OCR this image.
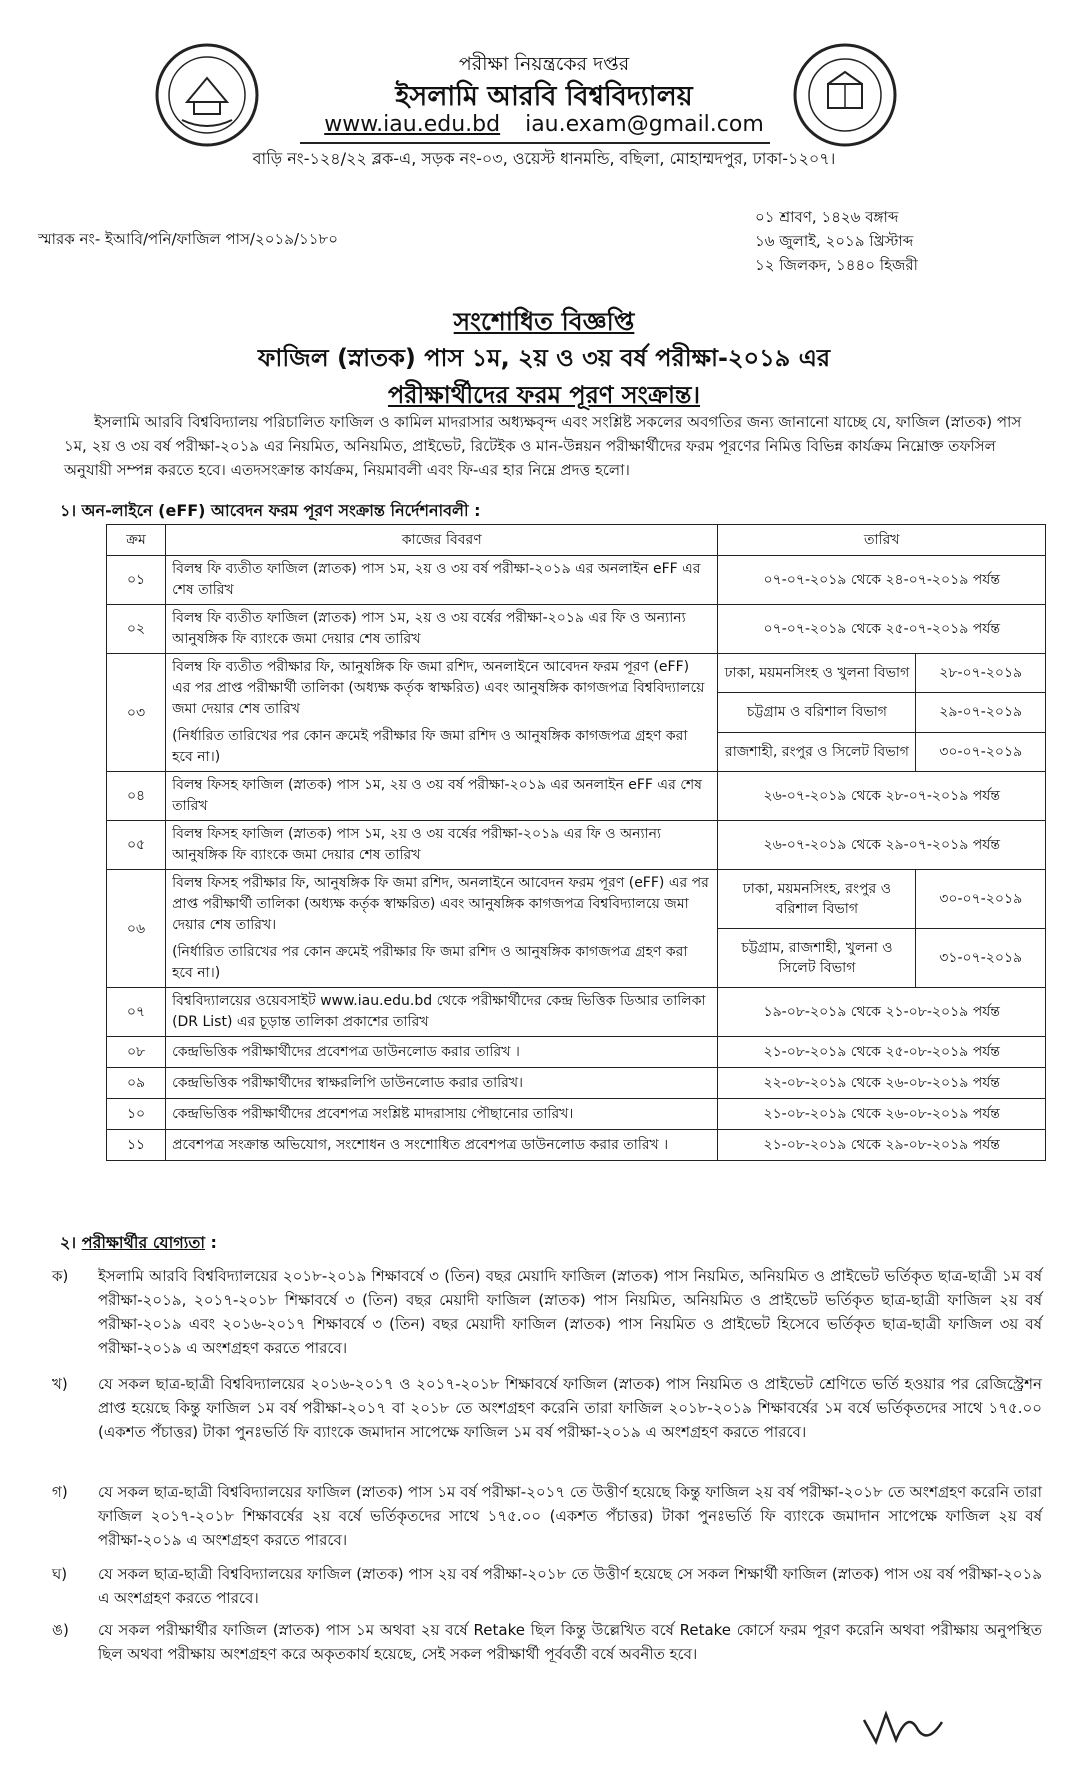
পরীক্ষা নিয়ন্ত্রকের দপ্তর
ইসলামি আরবি বিশ্ববিদ্যালয়
www.iau.edu.bd iau.exam@gmail.com
বাড়ি নং-১২৪/২২ ব্লক-এ, সড়ক নং-০৩, ওয়েস্ট ধানমন্ডি, বছিলা, মোহাম্মদপুর, ঢাকা-১২০৭।
স্মারক নং- ইআবি/পনি/ফাজিল পাস/২০১৯/১১৮০
০১ শ্রাবণ, ১৪২৬ বঙ্গাব্দ
১৬ জুলাই, ২০১৯ খ্রিস্টাব্দ
১২ জিলকদ, ১৪৪০ হিজরী
সংশোধিত বিজ্ঞপ্তি
ফাজিল (স্নাতক) পাস ১ম, ২য় ও ৩য় বর্ষ পরীক্ষা-২০১৯ এর
পরীক্ষার্থীদের ফরম পূরণ সংক্রান্ত।
ইসলামি আরবি বিশ্ববিদ্যালয় পরিচালিত ফাজিল ও কামিল মাদরাসার অধ্যক্ষবৃন্দ এবং সংশ্লিষ্ট সকলের অবগতির জন্য জানানো যাচ্ছে যে, ফাজিল (স্নাতক) পাস ১ম, ২য় ও ৩য় বর্ষ পরীক্ষা-২০১৯ এর নিয়মিত, অনিয়মিত, প্রাইভেট, রিটেইক ও মান-উন্নয়ন পরীক্ষার্থীদের ফরম পূরণের নিমিত্ত বিভিন্ন কার্যক্রম নিম্নোক্ত তফসিল অনুযায়ী সম্পন্ন করতে হবে। এতদসংক্রান্ত কার্যক্রম, নিয়মাবলী এবং ফি-এর হার নিম্নে প্রদত্ত হলো।
১। অন-লাইনে (eFF) আবেদন ফরম পূরণ সংক্রান্ত নির্দেশনাবলী :
ক্রম	কাজের বিবরণ	তারিখ	
০১	বিলম্ব ফি ব্যতীত ফাজিল (স্নাতক) পাস ১ম, ২য় ও ৩য় বর্ষ পরীক্ষা-২০১৯ এর অনলাইন eFF এর শেষ তারিখ	০৭-০৭-২০১৯ থেকে ২৪-০৭-২০১৯ পর্যন্ত	
০২	বিলম্ব ফি ব্যতীত ফাজিল (স্নাতক) পাস ১ম, ২য় ও ৩য় বর্ষের পরীক্ষা-২০১৯ এর ফি ও অন্যান্য আনুষঙ্গিক ফি ব্যাংকে জমা দেয়ার শেষ তারিখ	০৭-০৭-২০১৯ থেকে ২৫-০৭-২০১৯ পর্যন্ত	
০৩	বিলম্ব ফি ব্যতীত পরীক্ষার ফি, আনুষঙ্গিক ফি জমা রশিদ, অনলাইনে আবেদন ফরম পূরণ (eFF) এর পর প্রাপ্ত পরীক্ষার্থী তালিকা (অধ্যক্ষ কর্তৃক স্বাক্ষরিত) এবং আনুষঙ্গিক কাগজপত্র বিশ্ববিদ্যালয়ে জমা দেয়ার শেষ তারিখ
(নির্ধারিত তারিখের পর কোন ক্রমেই পরীক্ষার ফি জমা রশিদ ও আনুষঙ্গিক কাগজপত্র গ্রহণ করা হবে না।)	ঢাকা, ময়মনসিংহ ও খুলনা বিভাগ	২৮-০৭-২০১৯
		চট্টগ্রাম ও বরিশাল বিভাগ	২৯-০৭-২০১৯
		রাজশাহী, রংপুর ও সিলেট বিভাগ	৩০-০৭-২০১৯
০৪	বিলম্ব ফিসহ ফাজিল (স্নাতক) পাস ১ম, ২য় ও ৩য় বর্ষ পরীক্ষা-২০১৯ এর অনলাইন eFF এর শেষ তারিখ	২৬-০৭-২০১৯ থেকে ২৮-০৭-২০১৯ পর্যন্ত	
০৫	বিলম্ব ফিসহ ফাজিল (স্নাতক) পাস ১ম, ২য় ও ৩য় বর্ষের পরীক্ষা-২০১৯ এর ফি ও অন্যান্য আনুষঙ্গিক ফি ব্যাংকে জমা দেয়ার শেষ তারিখ	২৬-০৭-২০১৯ থেকে ২৯-০৭-২০১৯ পর্যন্ত	
০৬	বিলম্ব ফিসহ পরীক্ষার ফি, আনুষঙ্গিক ফি জমা রশিদ, অনলাইনে আবেদন ফরম পূরণ (eFF) এর পর প্রাপ্ত পরীক্ষার্থী তালিকা (অধ্যক্ষ কর্তৃক স্বাক্ষরিত) এবং আনুষঙ্গিক কাগজপত্র বিশ্ববিদ্যালয়ে জমা দেয়ার শেষ তারিখ।
(নির্ধারিত তারিখের পর কোন ক্রমেই পরীক্ষার ফি জমা রশিদ ও আনুষঙ্গিক কাগজপত্র গ্রহণ করা হবে না।)	ঢাকা, ময়মনসিংহ, রংপুর ও বরিশাল বিভাগ	৩০-০৭-২০১৯
		চট্টগ্রাম, রাজশাহী, খুলনা ও সিলেট বিভাগ	৩১-০৭-২০১৯
০৭	বিশ্ববিদ্যালয়ের ওয়েবসাইট www.iau.edu.bd থেকে পরীক্ষার্থীদের কেন্দ্র ভিত্তিক ডিআর তালিকা (DR List) এর চূড়ান্ত তালিকা প্রকাশের তারিখ	১৯-০৮-২০১৯ থেকে ২১-০৮-২০১৯ পর্যন্ত	
০৮	কেন্দ্রভিত্তিক পরীক্ষার্থীদের প্রবেশপত্র ডাউনলোড করার তারিখ ।	২১-০৮-২০১৯ থেকে ২৫-০৮-২০১৯ পর্যন্ত	
০৯	কেন্দ্রভিত্তিক পরীক্ষার্থীদের স্বাক্ষরলিপি ডাউনলোড করার তারিখ।	২২-০৮-২০১৯ থেকে ২৬-০৮-২০১৯ পর্যন্ত	
১০	কেন্দ্রভিত্তিক পরীক্ষার্থীদের প্রবেশপত্র সংশ্লিষ্ট মাদরাসায় পৌছানোর তারিখ।	২১-০৮-২০১৯ থেকে ২৬-০৮-২০১৯ পর্যন্ত	
১১	প্রবেশপত্র সংক্রান্ত অভিযোগ, সংশোধন ও সংশোধিত প্রবেশপত্র ডাউনলোড করার তারিখ ।	২১-০৮-২০১৯ থেকে ২৯-০৮-২০১৯ পর্যন্ত	
২। পরীক্ষার্থীর যোগ্যতা :
ক)	ইসলামি আরবি বিশ্ববিদ্যালয়ের ২০১৮-২০১৯ শিক্ষাবর্ষে ৩ (তিন) বছর মেয়াদি ফাজিল (স্নাতক) পাস নিয়মিত, অনিয়মিত ও প্রাইভেট ভর্তিকৃত ছাত্র-ছাত্রী ১ম বর্ষ পরীক্ষা-২০১৯, ২০১৭-২০১৮ শিক্ষাবর্ষে ৩ (তিন) বছর মেয়াদী ফাজিল (স্নাতক) পাস নিয়মিত, অনিয়মিত ও প্রাইভেট ভর্তিকৃত ছাত্র-ছাত্রী ফাজিল ২য় বর্ষ পরীক্ষা-২০১৯ এবং ২০১৬-২০১৭ শিক্ষাবর্ষে ৩ (তিন) বছর মেয়াদী ফাজিল (স্নাতক) পাস নিয়মিত ও প্রাইভেট হিসেবে ভর্তিকৃত ছাত্র-ছাত্রী ফাজিল ৩য় বর্ষ পরীক্ষা-২০১৯ এ অংশগ্রহণ করতে পারবে।
খ)	যে সকল ছাত্র-ছাত্রী বিশ্ববিদ্যালয়ের ২০১৬-২০১৭ ও ২০১৭-২০১৮ শিক্ষাবর্ষে ফাজিল (স্নাতক) পাস নিয়মিত ও প্রাইভেট শ্রেণিতে ভর্তি হওয়ার পর রেজিস্ট্রেশন প্রাপ্ত হয়েছে কিন্তু ফাজিল ১ম বর্ষ পরীক্ষা-২০১৭ বা ২০১৮ তে অংশগ্রহণ করেনি তারা ফাজিল ২০১৮-২০১৯ শিক্ষাবর্ষের ১ম বর্ষে ভর্তিকৃতদের সাথে ১৭৫.০০ (একশত পঁচাত্তর) টাকা পুনঃভর্তি ফি ব্যাংকে জমাদান সাপেক্ষে ফাজিল ১ম বর্ষ পরীক্ষা-২০১৯ এ অংশগ্রহণ করতে পারবে।
গ)	যে সকল ছাত্র-ছাত্রী বিশ্ববিদ্যালয়ের ফাজিল (স্নাতক) পাস ১ম বর্ষ পরীক্ষা-২০১৭ তে উত্তীর্ণ হয়েছে কিন্তু ফাজিল ২য় বর্ষ পরীক্ষা-২০১৮ তে অংশগ্রহণ করেনি তারা ফাজিল ২০১৭-২০১৮ শিক্ষাবর্ষের ২য় বর্ষে ভর্তিকৃতদের সাথে ১৭৫.০০ (একশত পঁচাত্তর) টাকা পুনঃভর্তি ফি ব্যাংকে জমাদান সাপেক্ষে ফাজিল ২য় বর্ষ পরীক্ষা-২০১৯ এ অংশগ্রহণ করতে পারবে।
ঘ)	যে সকল ছাত্র-ছাত্রী বিশ্ববিদ্যালয়ের ফাজিল (স্নাতক) পাস ২য় বর্ষ পরীক্ষা-২০১৮ তে উত্তীর্ণ হয়েছে সে সকল শিক্ষার্থী ফাজিল (স্নাতক) পাস ৩য় বর্ষ পরীক্ষা-২০১৯ এ অংশগ্রহণ করতে পারবে।
ঙ)	যে সকল পরীক্ষার্থীর ফাজিল (স্নাতক) পাস ১ম অথবা ২য় বর্ষে Retake ছিল কিন্তু উল্লেখিত বর্ষে Retake কোর্সে ফরম পূরণ করেনি অথবা পরীক্ষায় অনুপস্থিত ছিল অথবা পরীক্ষায় অংশগ্রহণ করে অকৃতকার্য হয়েছে, সেই সকল পরীক্ষার্থী পূর্ববর্তী বর্ষে অবনীত হবে।
